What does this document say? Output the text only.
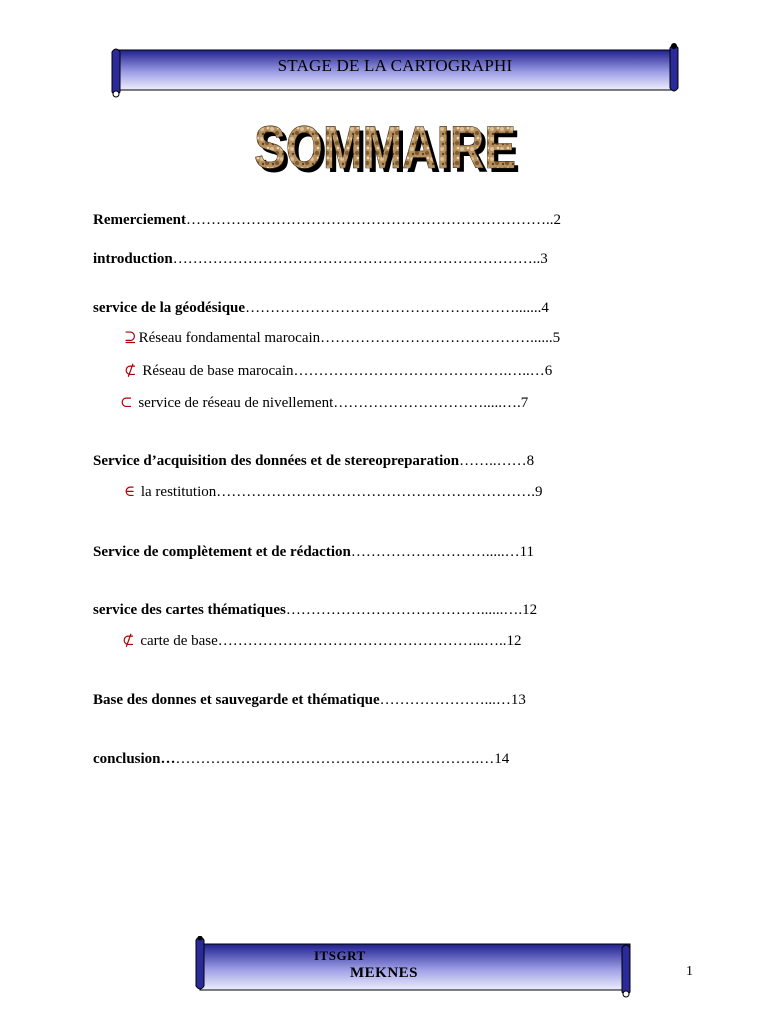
STAGE DE LA CARTOGRAPHI
SOMMAIRE
SOMMAIRE
Remerciement………………………………………………………………..2
introduction………………………………………………………………..3
service de la géodésique……………………………………………….......4
⊇ Réseau fondamental marocain……………………………………......5
⊄ Réseau de base marocain…………………………………….…..…6
⊂ service de réseau de nivellement………………………….....….7
Service d’acquisition des données et de stereopreparation……..……8
∈ la restitution……………………………………………………….9
Service de complètement et de rédaction……………………….....…11
service des cartes thématiques…………………………………......….12
⊄ carte de base……………………………………………...…..12
Base des donnes et sauvegarde et thématique…………………...…13
conclusion……………………………………………………….…14
ITSGRT
MEKNES	1
